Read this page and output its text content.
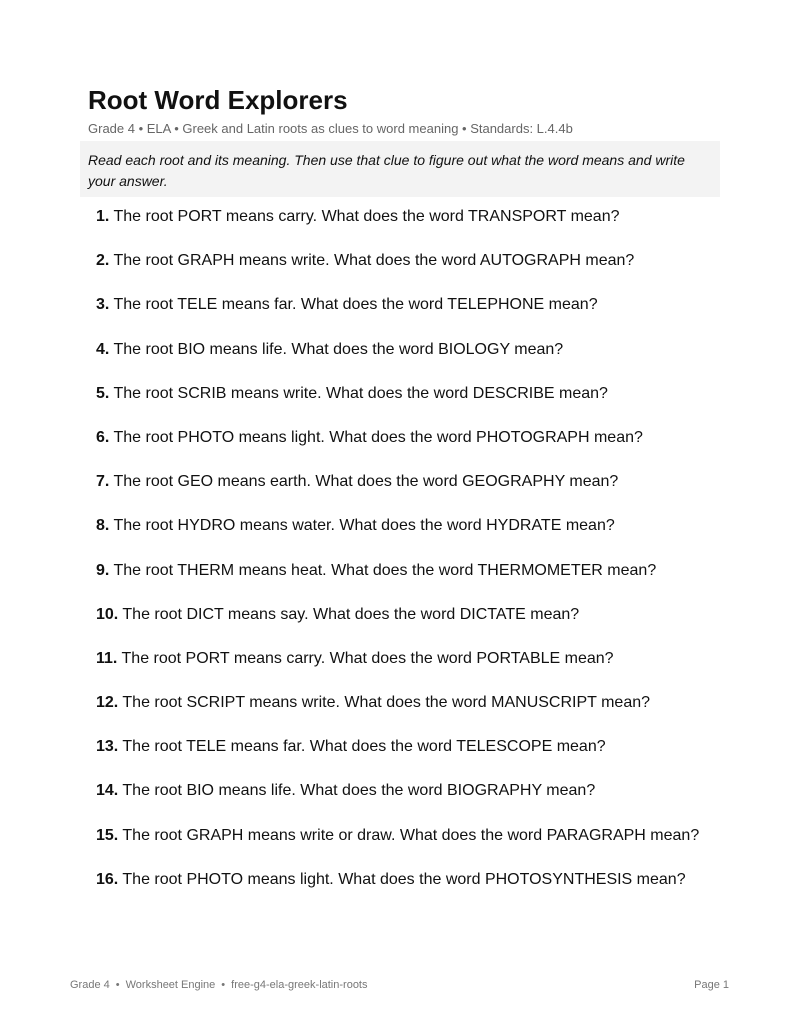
Root Word Explorers
Grade 4 • ELA • Greek and Latin roots as clues to word meaning • Standards: L.4.4b
Read each root and its meaning. Then use that clue to figure out what the word means and write your answer.
1. The root PORT means carry. What does the word TRANSPORT mean?
2. The root GRAPH means write. What does the word AUTOGRAPH mean?
3. The root TELE means far. What does the word TELEPHONE mean?
4. The root BIO means life. What does the word BIOLOGY mean?
5. The root SCRIB means write. What does the word DESCRIBE mean?
6. The root PHOTO means light. What does the word PHOTOGRAPH mean?
7. The root GEO means earth. What does the word GEOGRAPHY mean?
8. The root HYDRO means water. What does the word HYDRATE mean?
9. The root THERM means heat. What does the word THERMOMETER mean?
10. The root DICT means say. What does the word DICTATE mean?
11. The root PORT means carry. What does the word PORTABLE mean?
12. The root SCRIPT means write. What does the word MANUSCRIPT mean?
13. The root TELE means far. What does the word TELESCOPE mean?
14. The root BIO means life. What does the word BIOGRAPHY mean?
15. The root GRAPH means write or draw. What does the word PARAGRAPH mean?
16. The root PHOTO means light. What does the word PHOTOSYNTHESIS mean?
Grade 4 • Worksheet Engine • free-g4-ela-greek-latin-roots	Page 1
